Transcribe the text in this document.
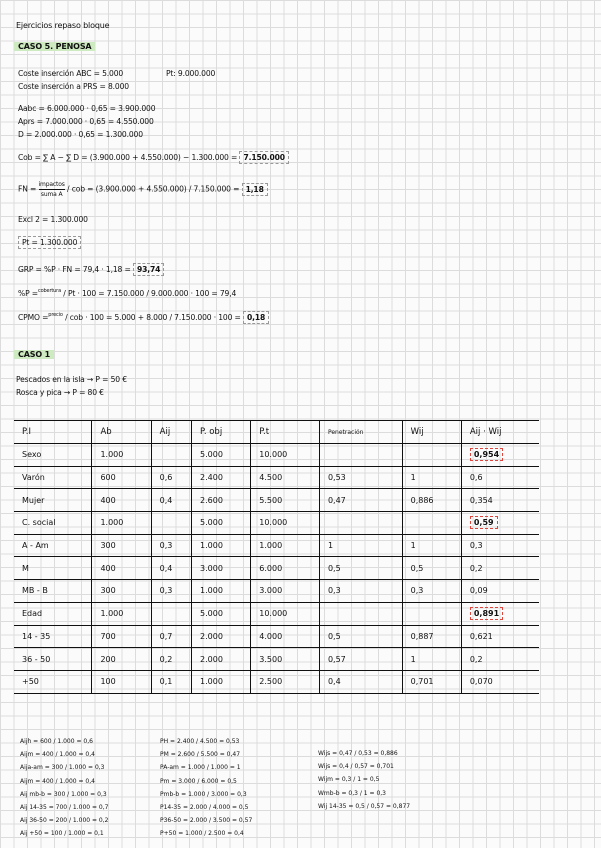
Ejercicios repaso bloque
CASO 5. PENOSA
Coste inserción ABC = 5.000	Pt: 9.000.000
Coste inserción a PRS = 8.000
Aabc = 6.000.000 · 0,65 = 3.900.000
Aprs = 7.000.000 · 0,65 = 4.550.000
D = 2.000.000 · 0,65 = 1.300.000
Cob = ∑ A − ∑ D = (3.900.000 + 4.550.000) − 1.300.000 = 7.150.000
FN = impactos
suma A
/ cob = (3.900.000 + 4.550.000) / 7.150.000 = 1,18
Excl 2 = 1.300.000
Pt = 1.300.000
GRP = %P · FN = 79,4 · 1,18 = 93,74
%P =$^{cobertura}$ / Pt · 100 = 7.150.000 / 9.000.000 · 100 = 79,4
CPMO =$^{precio}$ / cob · 100 = 5.000 + 8.000 / 7.150.000 · 100 = 0,18
CASO 1
Pescados en la isla → P = 50 €
Rosca y pica → P = 80 €
P.I	Ab	Aij	P. obj	P.t	Penetración	Wij	Aij · Wij
Sexo	1.000		5.000	10.000			0,954
Varón	600	0,6	2.400	4.500	0,53	1	0,6
Mujer	400	0,4	2.600	5.500	0,47	0,886	0,354
C. social	1.000		5.000	10.000			0,59
A - Am	300	0,3	1.000	1.000	1	1	0,3
M	400	0,4	3.000	6.000	0,5	0,5	0,2
MB - B	300	0,3	1.000	3.000	0,3	0,3	0,09
Edad	1.000		5.000	10.000			0,891
14 - 35	700	0,7	2.000	4.000	0,5	0,887	0,621
36 - 50	200	0,2	2.000	3.500	0,57	1	0,2
+50	100	0,1	1.000	2.500	0,4	0,701	0,070
Aijh = 600 / 1.000 = 0,6
Aijm = 400 / 1.000 = 0,4
Aija-am = 300 / 1.000 = 0,3
Aijm = 400 / 1.000 = 0,4
Aij mb-b = 300 / 1.000 = 0,3
Aij 14-35 = 700 / 1.000 = 0,7
Aij 36-50 = 200 / 1.000 = 0,2
Aij +50 = 100 / 1.000 = 0,1
PH = 2.400 / 4.500 = 0,53
PM = 2.600 / 5.500 = 0,47
PA-am = 1.000 / 1.000 = 1
Pm = 3.000 / 6.000 = 0,5
Pmb-b = 1.000 / 3.000 = 0,3
P14-35 = 2.000 / 4.000 = 0,5
P36-50 = 2.000 / 3.500 = 0,57
P+50 = 1.000 / 2.500 = 0,4
Wijs = 0,47 / 0,53 = 0,886
Wijs = 0,4 / 0,57 = 0,701
Wijm = 0,3 / 1 = 0,5
Wmb-b = 0,3 / 1 = 0,3
Wij 14-35 = 0,5 / 0,57 = 0,877
